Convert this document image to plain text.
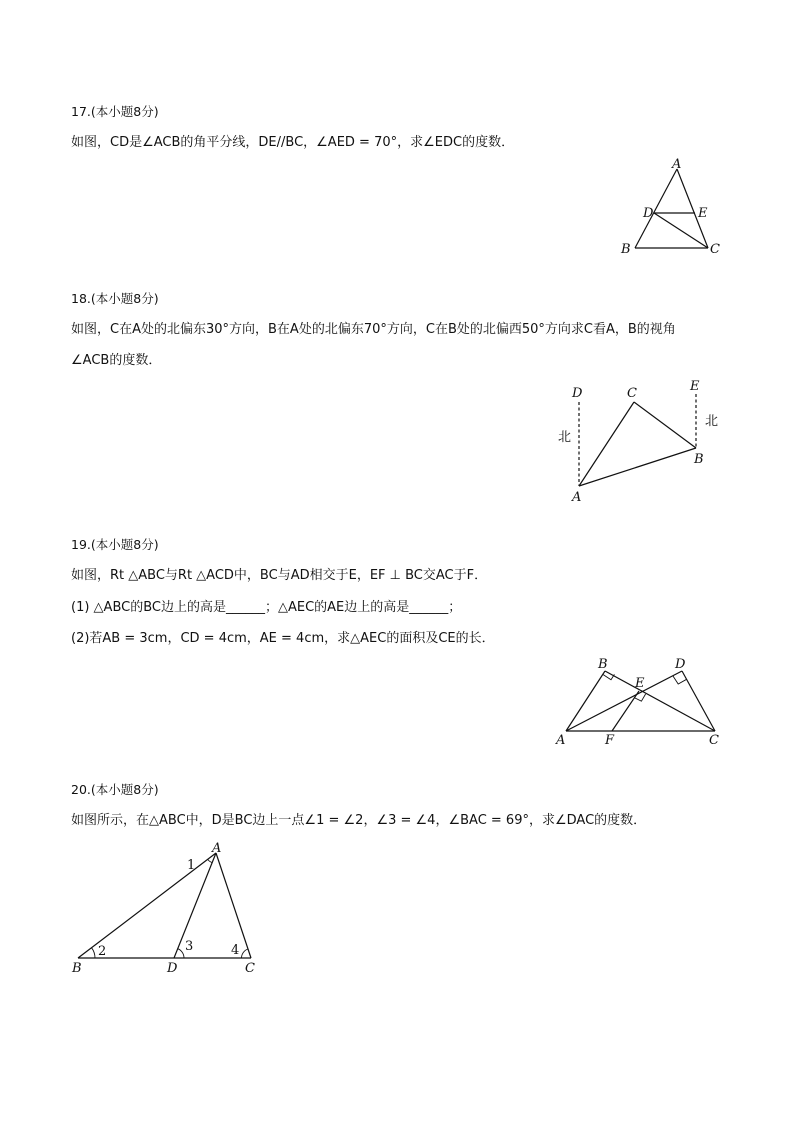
17.(本小题8分)
如图，CD是∠ACB的角平分线，DE//BC，∠AED = 70°，求∠EDC的度数．
A
D	E
B	C
18.(本小题8分)
如图，C在A处的北偏东30°方向，B在A处的北偏东70°方向，C在B处的北偏西50°方向求C看A，B的视角
∠ACB的度数．
D	C	E
B
A
北
北
19.(本小题8分)
如图，Rt △ABC与Rt △ACD中，BC与AD相交于E，EF ⊥ BC交AC于F．
(1) △ABC的BC边上的高是______；△AEC的AE边上的高是______；
(2)若AB = 3cm，CD = 4cm，AE = 4cm，求△AEC的面积及CE的长．
B	D
E
A	F	C
20.(本小题8分)
如图所示，在△ABC中，D是BC边上一点∠1 = ∠2，∠3 = ∠4，∠BAC = 69°，求∠DAC的度数．
1
2	3	4
A
B	D	C
